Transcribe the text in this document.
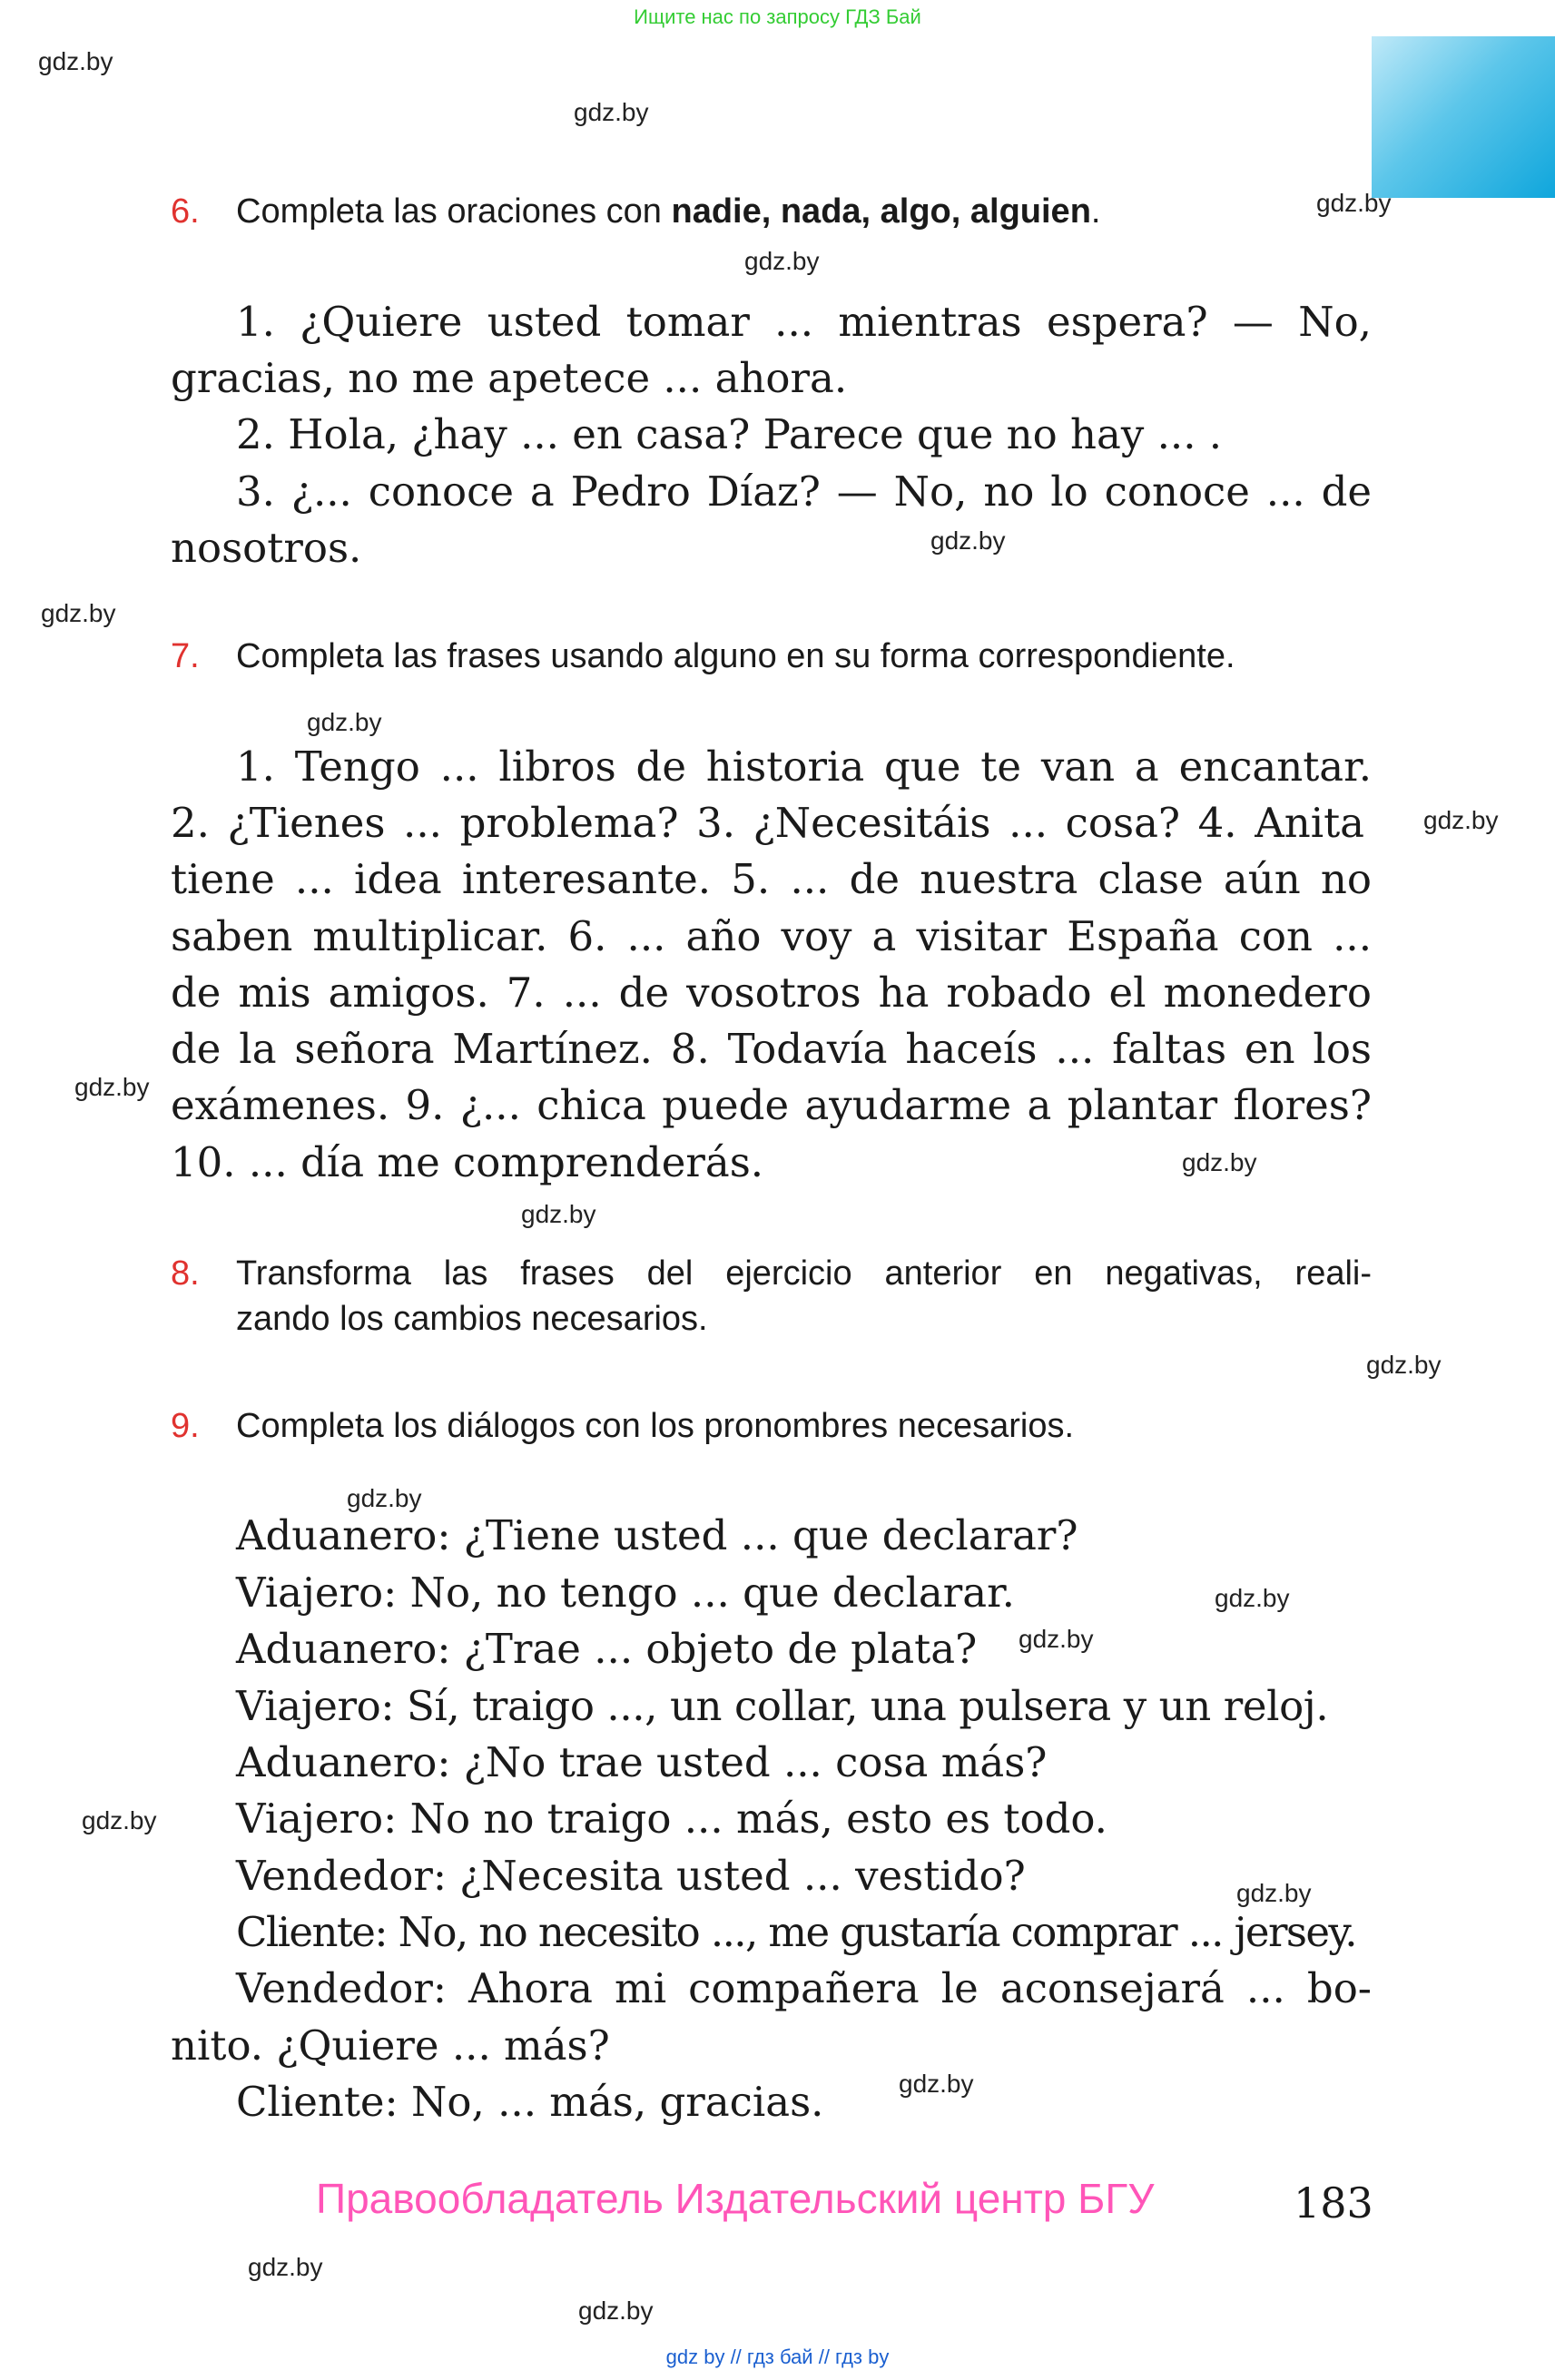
Ищите нас по запросу ГДЗ Бай
gdz.by
gdz.by
gdz.by
gdz.by
gdz.by
gdz.by
gdz.by
gdz.by
gdz.by
gdz.by
gdz.by
gdz.by
gdz.by
gdz.by
gdz.by
gdz.by
gdz.by
gdz.by
gdz.by
gdz.by
6. Completa las oraciones con nadie, nada, algo, alguien.
1. ¿Quiere usted tomar ... mientras espera? — No,
gracias, no me apetece ... ahora.
2. Hola, ¿hay ... en casa? Parece que no hay ... .
3. ¿... conoce a Pedro Díaz? — No, no lo conoce ... de
nosotros.
7. Completa las frases usando alguno en su forma correspondiente.
1. Tengo ... libros de historia que te van a encantar.
2. ¿Tienes ... problema? 3. ¿Necesitáis ... cosa? 4. Anita
tiene ... idea interesante. 5. ... de nuestra clase aún no
saben multiplicar. 6. ... año voy a visitar España con ...
de mis amigos. 7. ... de vosotros ha robado el monedero
de la señora Martínez. 8. Todavía haceís ... faltas en los
exámenes. 9. ¿... chica puede ayudarme a plantar flores?
10. ... día me comprenderás.
8.	Transforma las frases del ejercicio anterior en negativas, reali-
zando los cambios necesarios.
9. Completa los diálogos con los pronombres necesarios.
Aduanero: ¿Tiene usted ... que declarar?
Viajero: No, no tengo ... que declarar.
Aduanero: ¿Trae ... objeto de plata?
Viajero: Sí, traigo ..., un collar, una pulsera y un reloj.
Aduanero: ¿No trae usted ... cosa más?
Viajero: No no traigo ... más, esto es todo.
Vendedor: ¿Necesita usted ... vestido?
Cliente: No, no necesito ..., me gustaría comprar ... jersey.
Vendedor: Ahora mi compañera le aconsejará ... bo-
nito. ¿Quiere ... más?
Cliente: No, ... más, gracias.
Правообладатель Издательский центр БГУ	183
gdz by // гдз бай // гдз by
